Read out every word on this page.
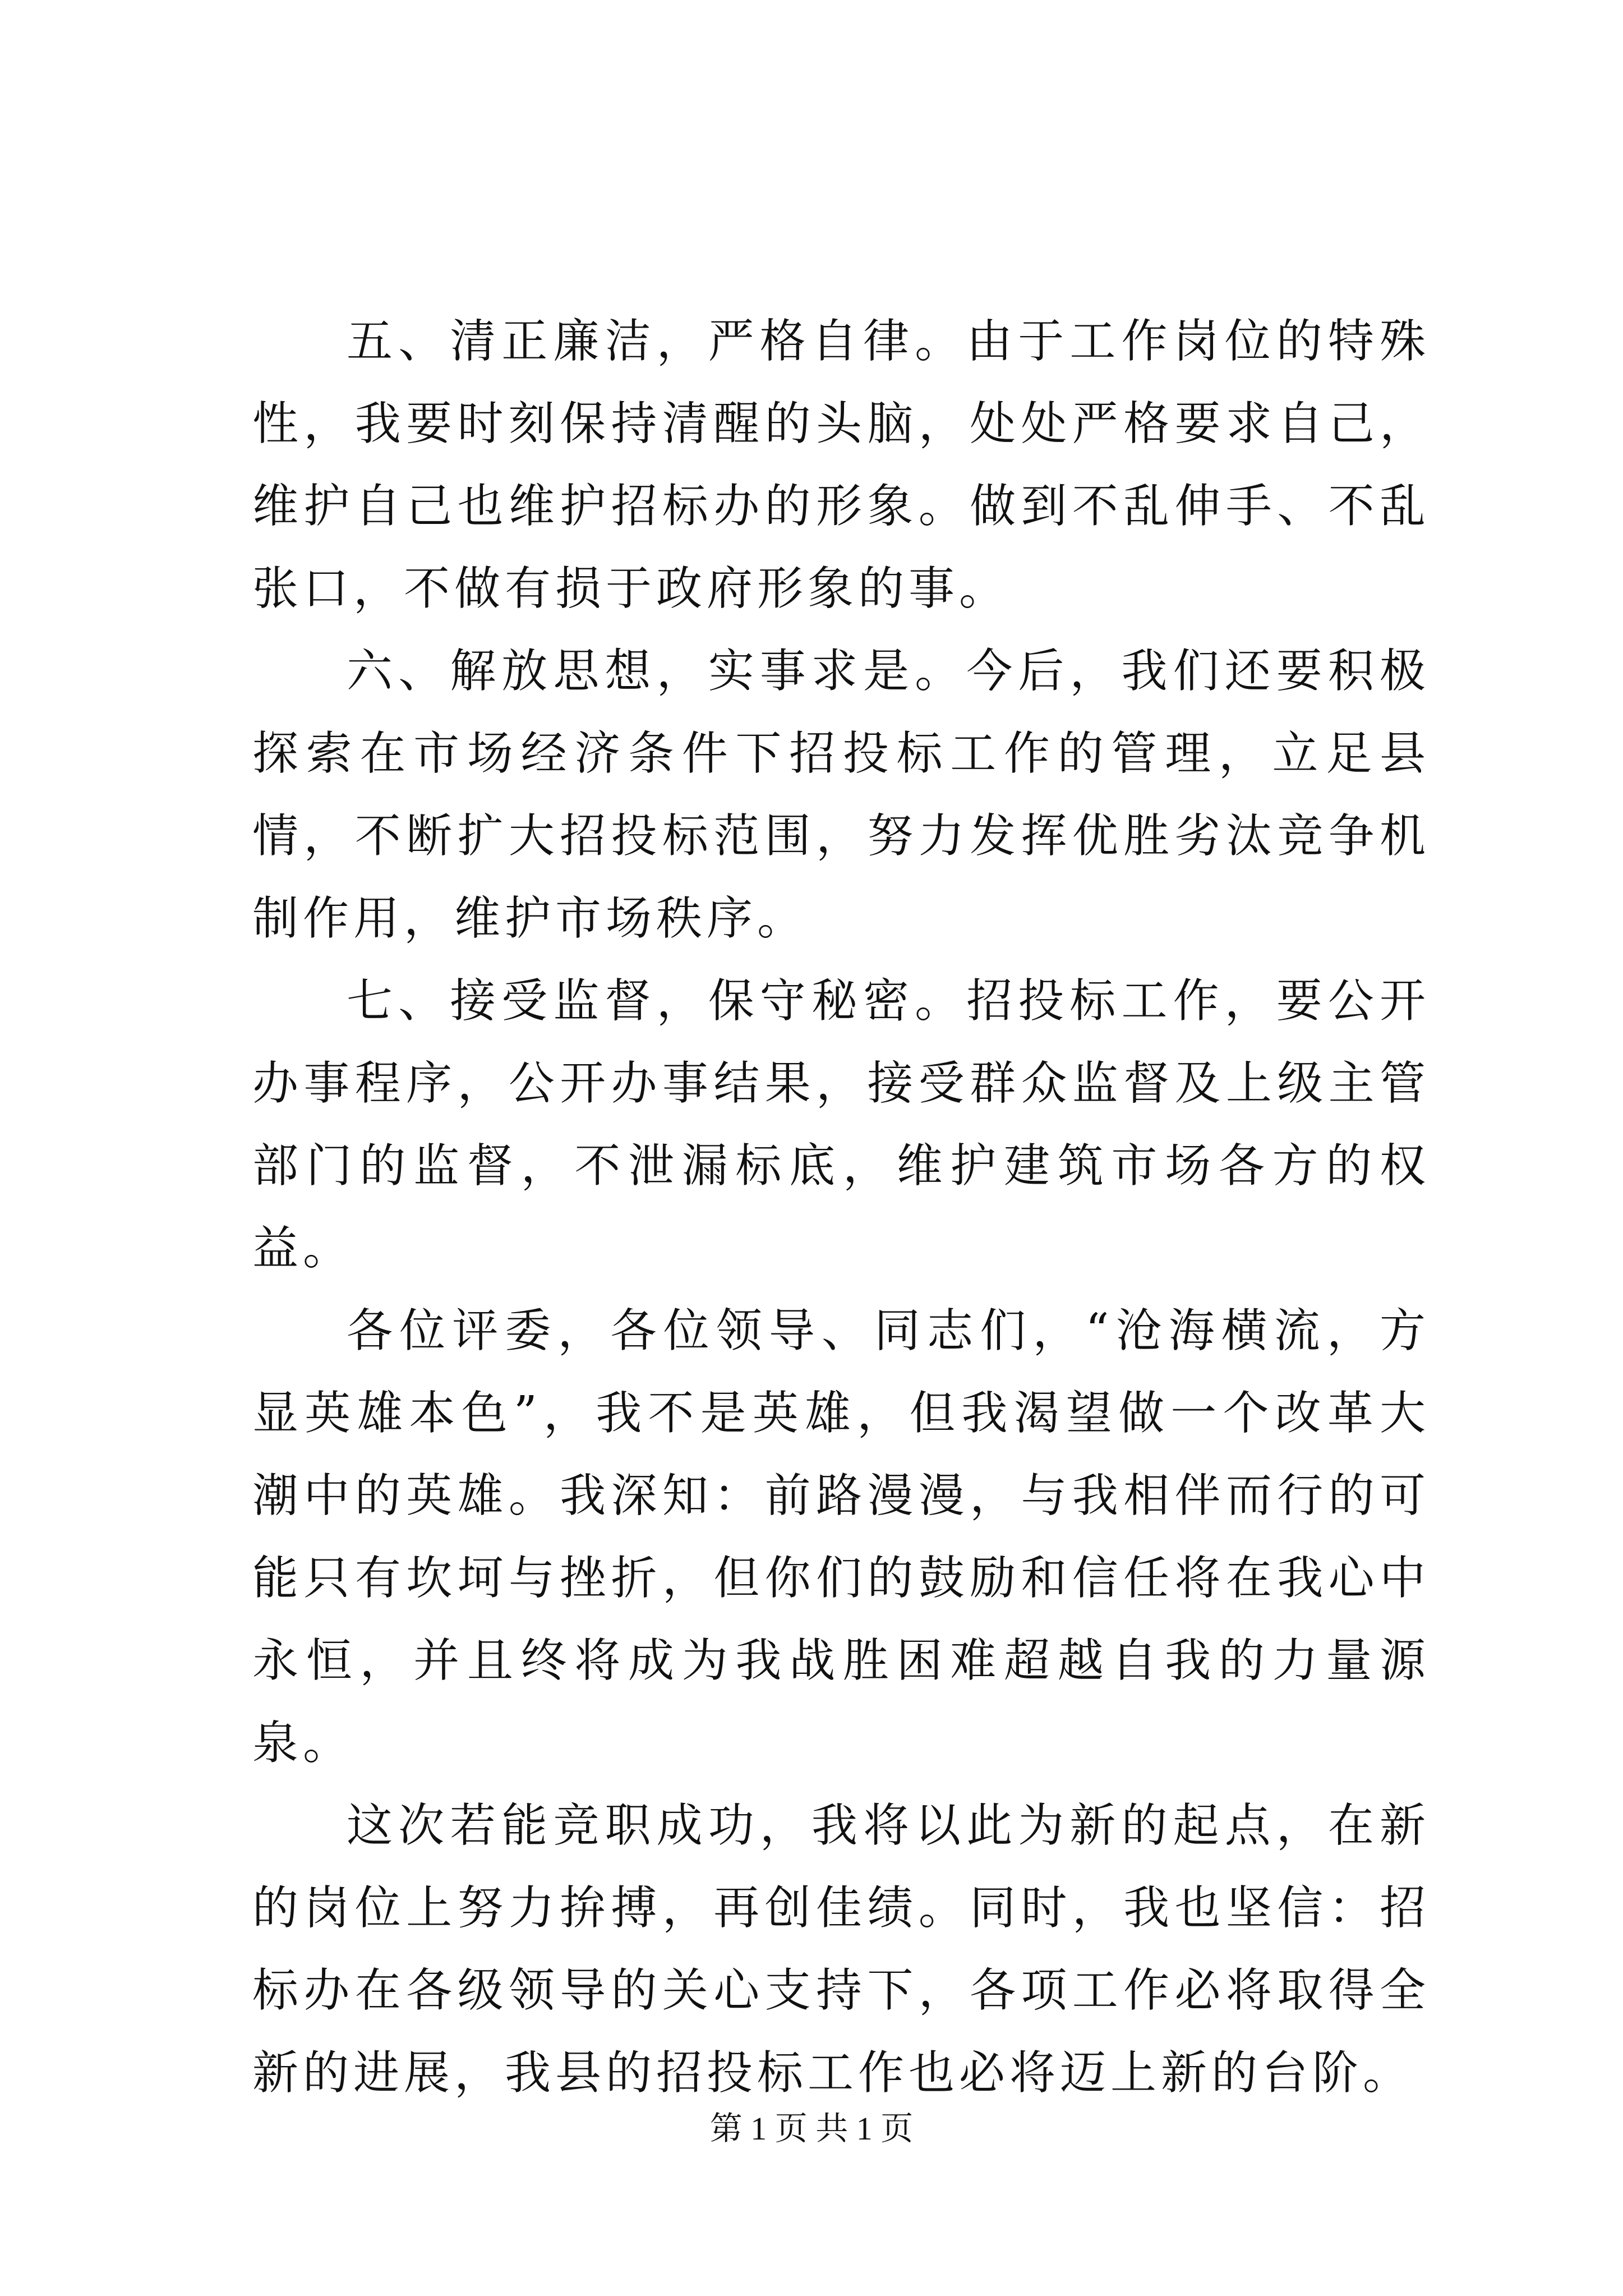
五、清正廉洁，严格自律。由于工作岗位的特殊性，我要时刻保持清醒的头脑，处处严格要求自己，维护自己也维护招标办的形象。做到不乱伸手、不乱张口，不做有损于政府形象的事。

六、解放思想，实事求是。今后，我们还要积极探索在市场经济条件下招投标工作的管理，立足县情，不断扩大招投标范围，努力发挥优胜劣汰竞争机制作用，维护市场秩序。

七、接受监督，保守秘密。招投标工作，要公开办事程序，公开办事结果，接受群众监督及上级主管部门的监督，不泄漏标底，维护建筑市场各方的权益。

各位评委，各位领导、同志们，“沧海横流，方显英雄本色”，我不是英雄，但我渴望做一个改革大潮中的英雄。我深知：前路漫漫，与我相伴而行的可能只有坎坷与挫折，但你们的鼓励和信任将在我心中永恒，并且终将成为我战胜困难超越自我的力量源泉。

这次若能竞职成功，我将以此为新的起点，在新的岗位上努力拚搏，再创佳绩。同时，我也坚信：招标办在各级领导的关心支持下，各项工作必将取得全新的进展，我县的招投标工作也必将迈上新的台阶。

第 1 页 共 1 页
